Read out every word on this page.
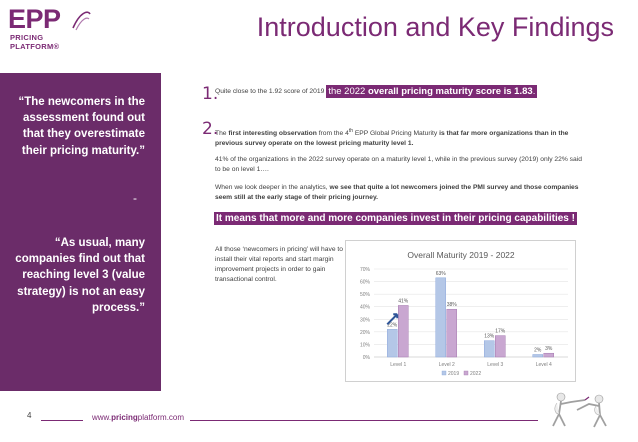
EPP
PRICING
PLATFORM®
Introduction and Key Findings
“The newcomers in the assessment found out that they overestimate their pricing maturity.”
-
“As usual, many companies find out that reaching level 3 (value strategy) is not an easy process.”
1.
Quite close to the 1.92 score of 2019 the 2022 overall pricing maturity score is 1.83.
2.
The first interesting observation from the 4th EPP Global Pricing Maturity is that far more organizations than in the previous survey operate on the lowest pricing maturity level 1.
41% of the organizations in the 2022 survey operate on a maturity level 1, while in the previous survey (2019) only 22% said to be on level 1….
When we look deeper in the analytics, we see that quite a lot newcomers joined the PMI survey and those companies seem still at the early stage of their pricing journey.
It means that more and more companies invest in their pricing capabilities !
All those ‘newcomers in pricing’ will have to install their vital reports and start margin improvement projects in order to gain transactional control.
Overall Maturity 2019 - 2022
0%
10%
20%
30%
40%
50%
60%
70%
22%
41%
Level 1
63%
38%
Level 2
13%
17%
Level 3
2% 3%
Level 4
2019 2022
4	www.pricingplatform.com
